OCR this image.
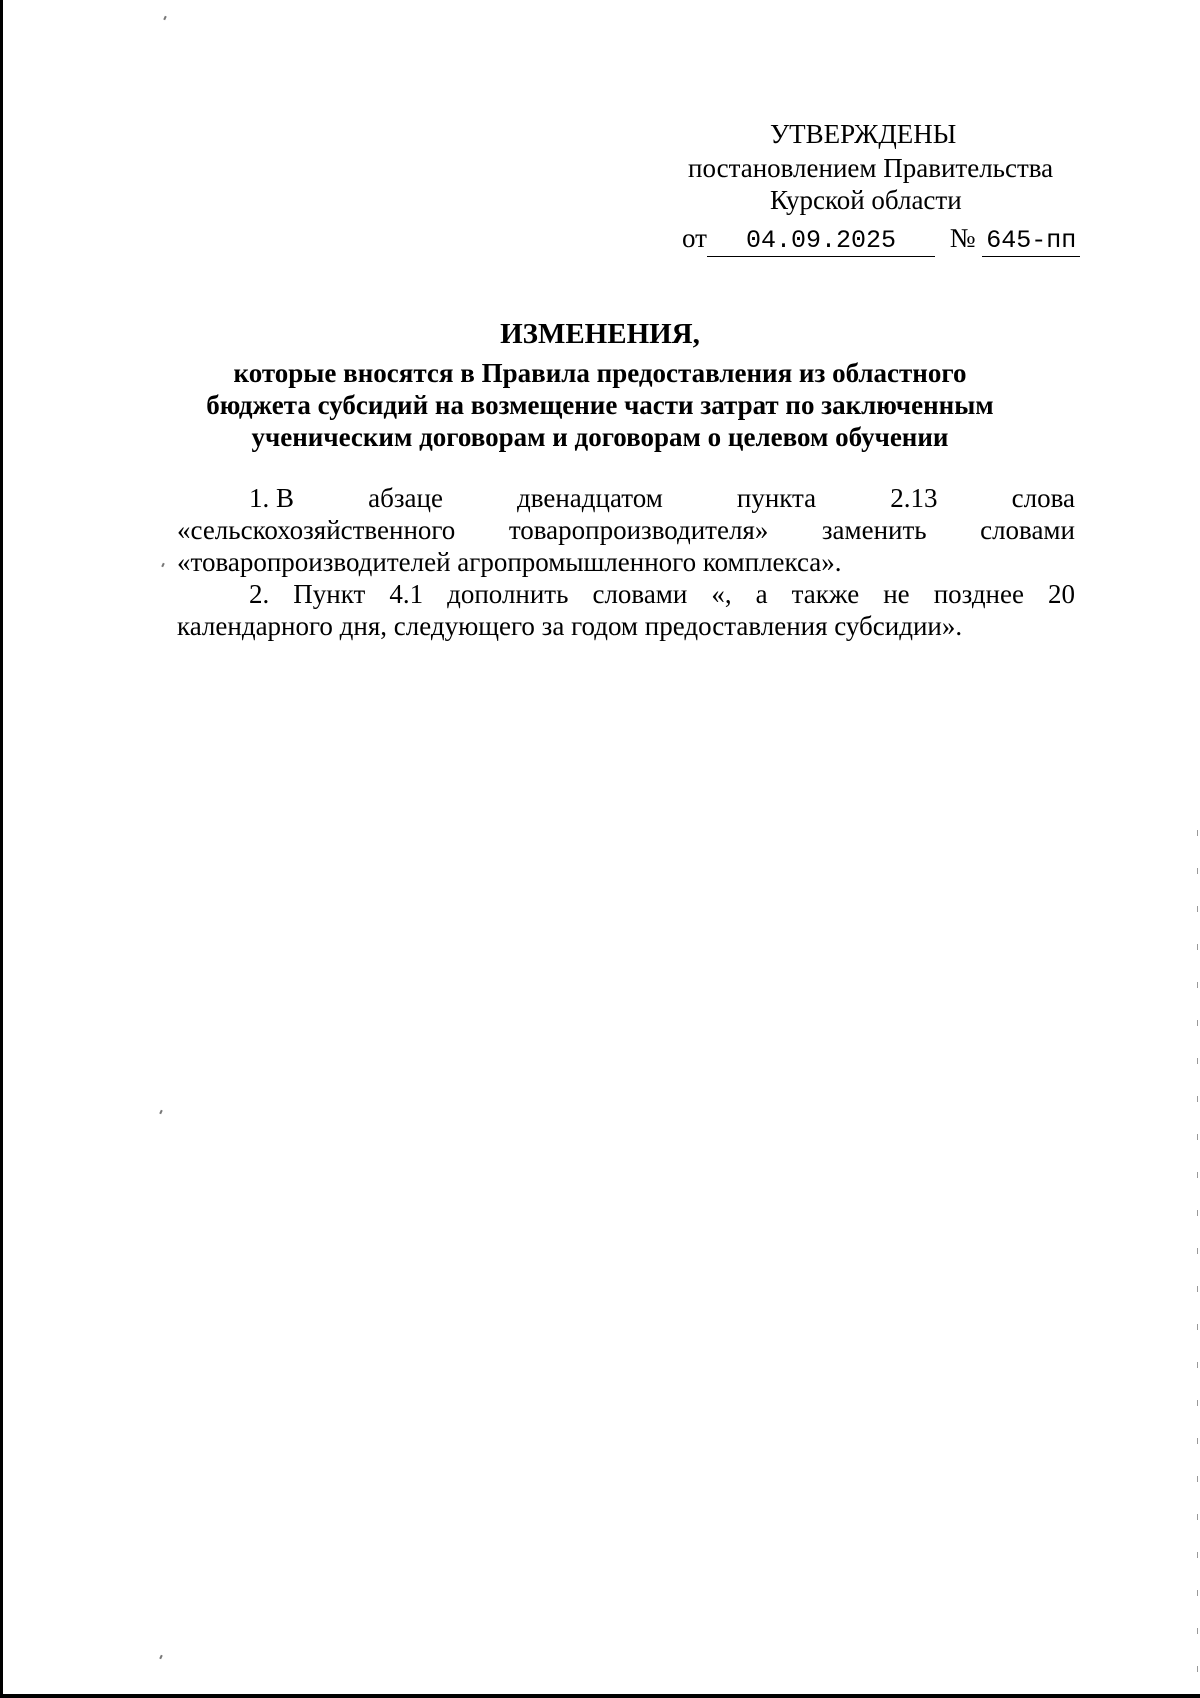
УТВЕРЖДЕНЫ
постановлением Правительства
Курской области
от 04.09.2025 № 645-пп
ИЗМЕНЕНИЯ,
которые вносятся в Правила предоставления из областного
бюджета субсидий на возмещение части затрат по заключенным
ученическим договорам и договорам о целевом обучении
1. В	абзаце	двенадцатом	пункта	2.13	слова
«сельскохозяйственного товаропроизводителя» заменить словами
«товаропроизводителей агропромышленного комплекса».
2. Пункт 4.1 дополнить словами «, а также не позднее 20
календарного дня, следующего за годом предоставления субсидии».
